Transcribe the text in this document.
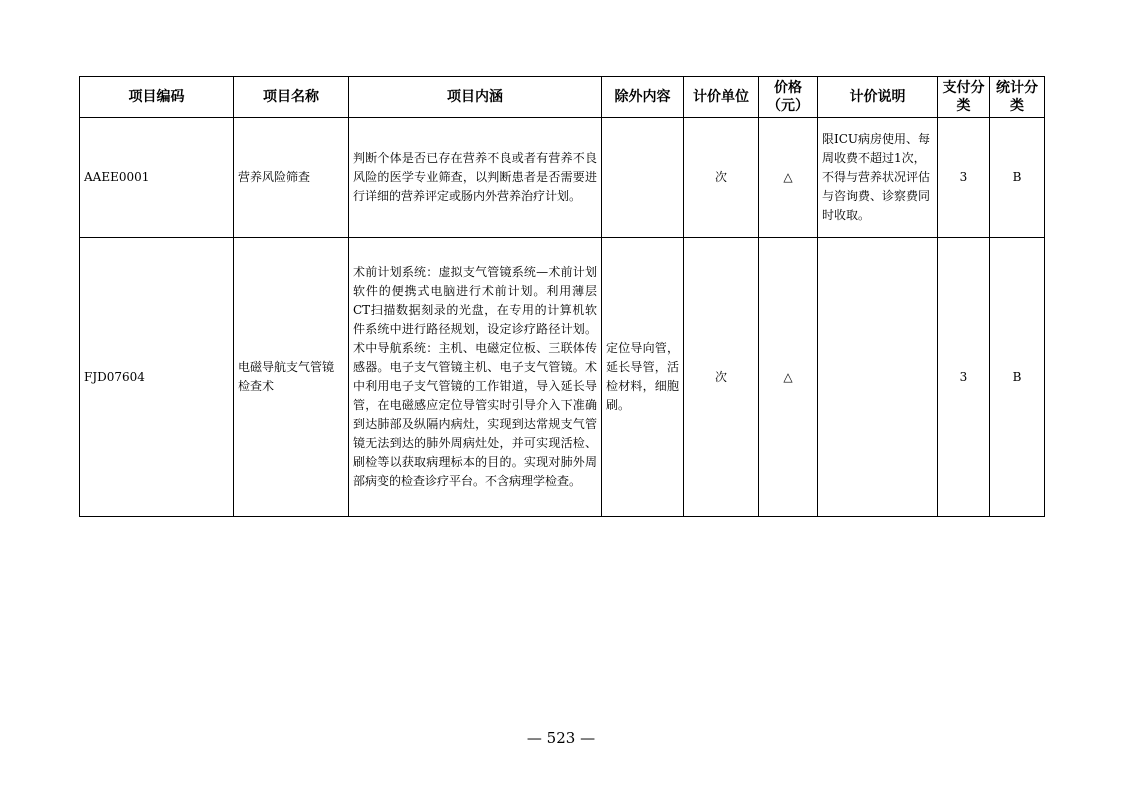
项目编码	项目名称	项目内涵	除外内容	计价单位	价格（元）	计价说明	支付分类	统计分类
AAEE0001	营养风险筛查	判断个体是否已存在营养不良或者有营养不良风险的医学专业筛查，以判断患者是否需要进行详细的营养评定或肠内外营养治疗计划。		次	△	限ICU病房使用、每周收费不超过1次，不得与营养状况评估与咨询费、诊察费同时收取。	3	B
FJD07604	电磁导航支气管镜检查术	术前计划系统：虚拟支气管镜系统—术前计划软件的便携式电脑进行术前计划。利用薄层CT扫描数据刻录的光盘，在专用的计算机软件系统中进行路径规划，设定诊疗路径计划。术中导航系统：主机、电磁定位板、三联体传感器。电子支气管镜主机、电子支气管镜。术中利用电子支气管镜的工作钳道，导入延长导管，在电磁感应定位导管实时引导介入下准确到达肺部及纵隔内病灶，实现到达常规支气管镜无法到达的肺外周病灶处，并可实现活检、刷检等以获取病理标本的目的。实现对肺外周部病变的检查诊疗平台。不含病理学检查。	定位导向管，延长导管，活检材料，细胞刷。	次	△		3	B
— 523 —
